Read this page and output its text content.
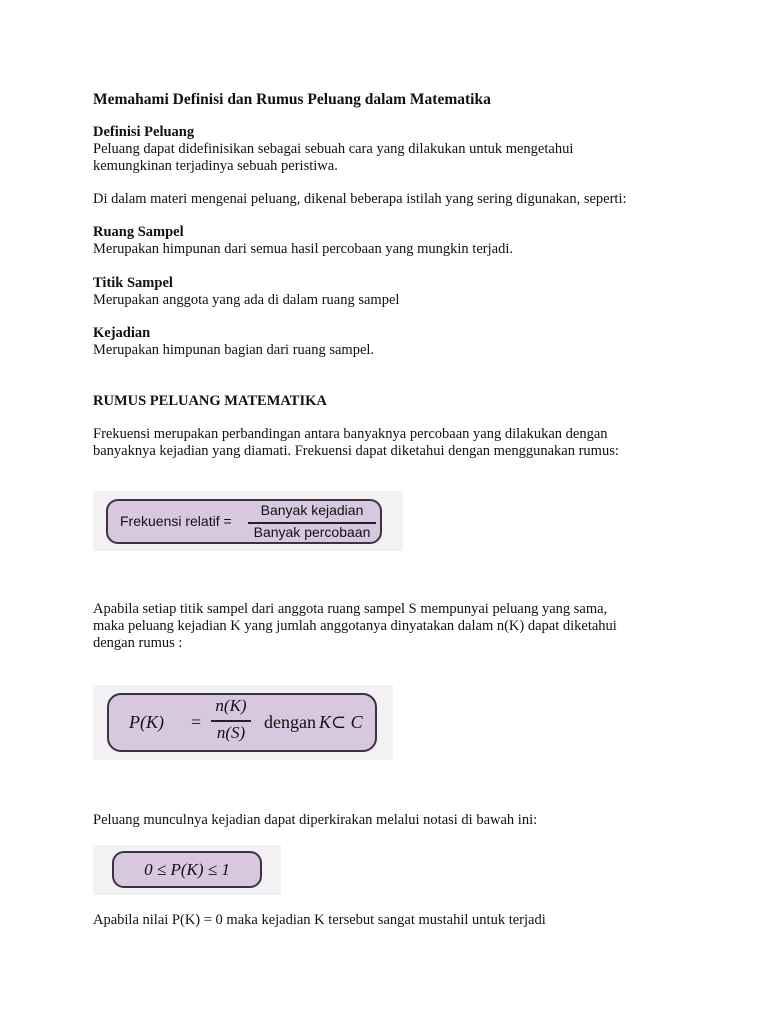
Memahami Definisi dan Rumus Peluang dalam Matematika

Definisi Peluang
Peluang dapat didefinisikan sebagai sebuah cara yang dilakukan untuk mengetahui
kemungkinan terjadinya sebuah peristiwa.

Di dalam materi mengenai peluang, dikenal beberapa istilah yang sering digunakan, seperti:

Ruang Sampel
Merupakan himpunan dari semua hasil percobaan yang mungkin terjadi.
Titik Sampel
Merupakan anggota yang ada di dalam ruang sampel
Kejadian
Merupakan himpunan bagian dari ruang sampel.

RUMUS PELUANG MATEMATIKA

Frekuensi merupakan perbandingan antara banyaknya percobaan yang dilakukan dengan
banyaknya kejadian yang diamati. Frekuensi dapat diketahui dengan menggunakan rumus:
Apabila setiap titik sampel dari anggota ruang sampel S mempunyai peluang yang sama,
maka peluang kejadian K yang jumlah anggotanya dinyatakan dalam n(K) dapat diketahui
dengan rumus :

Peluang munculnya kejadian dapat diperkirakan melalui notasi di bawah ini:

Apabila nilai P(K) = 0 maka kejadian K tersebut sangat mustahil untuk terjadi

Frekuensi relatif =
Banyak kejadian
Banyak percobaan
P(K) =
n(K)
n(S)
dengan K⊂ C
0 ≤ P(K) ≤ 1
